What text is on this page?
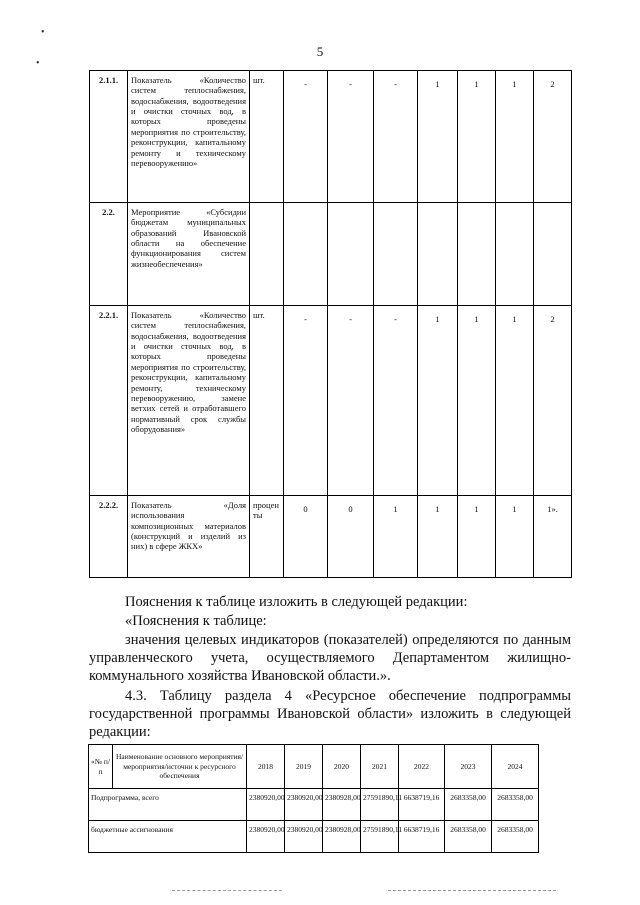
5
•
•
2.1.1.	Показатель «Количество систем теплоснабжения, водоснабжения, водоотведения и очистки сточных вод, в которых проведены мероприятия по строительству, реконструкции, капитальному ремонту и техническому перевооружению»	шт.	-	-	-	1	1	1	2
2.2.	Мероприятие «Субсидии бюджетам муниципальных образований Ивановской области на обеспечение функционирования систем жизнеобеспечения»								
2.2.1.	Показатель «Количество систем теплоснабжения, водоснабжения, водоотведения и очистки сточных вод, в которых проведены мероприятия по строительству, реконструкции, капитальному ремонту, техническому перевооружению, замене ветхих сетей и отработавшего нормативный срок службы оборудования»	шт.	-	-	-	1	1	1	2
2.2.2.	Показатель «Доля использования композиционных материалов (конструкций и изделий из них) в сфере ЖКХ»	процен ты	0	0	1	1	1	1	1».
Пояснения к таблице изложить в следующей редакции:
«Пояснения к таблице:
значения целевых индикаторов (показателей) определяются по данным управленческого учета, осуществляемого Департаментом жилищно-коммунального хозяйства Ивановской области.».
4.3. Таблицу раздела 4 «Ресурсное обеспечение подпрограммы государственной программы Ивановской области» изложить в следующей редакции:
«№ п/п	Наименование основного мероприятия/мероприятия/источни к ресурсного обеспечения	2018	2019	2020	2021	2022	2023	2024
Подпрограмма, всего		2380920,00	2380920,00	2380928,00	27591890,11	6638719,16	2683358,00	2683358,00
бюджетные ассигнования		2380920,00	2380920,00	2380928,00	27591890,11	6638719,16	2683358,00	2683358,00
